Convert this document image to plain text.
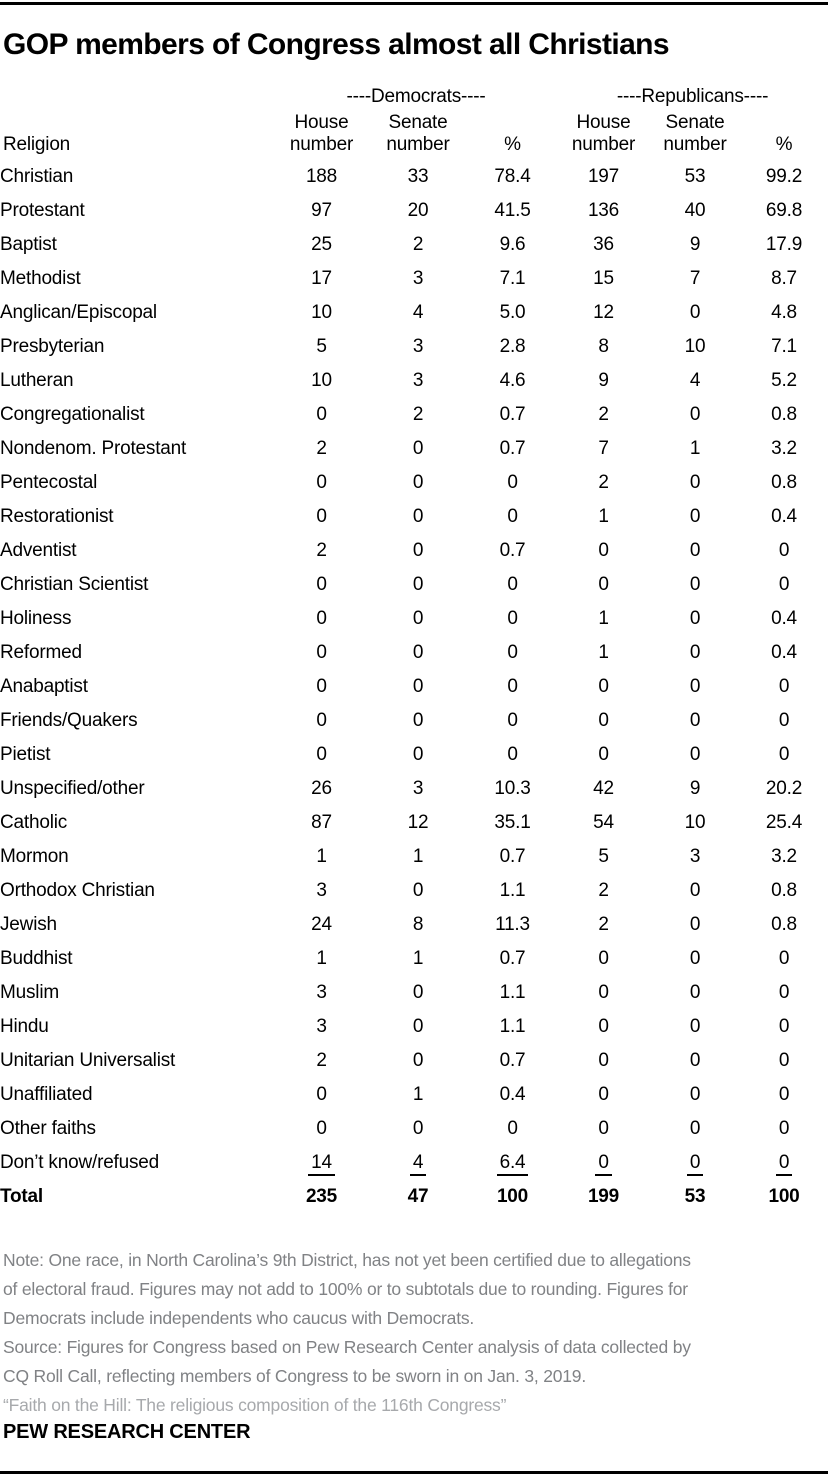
GOP members of Congress almost all Christians
	----Democrats----			----Republicans----		
Religion	House number	Senate number	%	House number	Senate number	%
Christian	188	33	78.4	197	53	99.2
Protestant	97	20	41.5	136	40	69.8
Baptist	25	2	9.6	36	9	17.9
Methodist	17	3	7.1	15	7	8.7
Anglican/Episcopal	10	4	5.0	12	0	4.8
Presbyterian	5	3	2.8	8	10	7.1
Lutheran	10	3	4.6	9	4	5.2
Congregationalist	0	2	0.7	2	0	0.8
Nondenom. Protestant	2	0	0.7	7	1	3.2
Pentecostal	0	0	0	2	0	0.8
Restorationist	0	0	0	1	0	0.4
Adventist	2	0	0.7	0	0	0
Christian Scientist	0	0	0	0	0	0
Holiness	0	0	0	1	0	0.4
Reformed	0	0	0	1	0	0.4
Anabaptist	0	0	0	0	0	0
Friends/Quakers	0	0	0	0	0	0
Pietist	0	0	0	0	0	0
Unspecified/other	26	3	10.3	42	9	20.2
Catholic	87	12	35.1	54	10	25.4
Mormon	1	1	0.7	5	3	3.2
Orthodox Christian	3	0	1.1	2	0	0.8
Jewish	24	8	11.3	2	0	0.8
Buddhist	1	1	0.7	0	0	0
Muslim	3	0	1.1	0	0	0
Hindu	3	0	1.1	0	0	0
Unitarian Universalist	2	0	0.7	0	0	0
Unaffiliated	0	1	0.4	0	0	0
Other faiths	0	0	0	0	0	0
Don’t know/refused	14	4	6.4	0	0	0
Total	235	47	100	199	53	100
Note: One race, in North Carolina’s 9th District, has not yet been certified due to allegations
of electoral fraud. Figures may not add to 100% or to subtotals due to rounding. Figures for
Democrats include independents who caucus with Democrats.
Source: Figures for Congress based on Pew Research Center analysis of data collected by
CQ Roll Call, reflecting members of Congress to be sworn in on Jan. 3, 2019.
“Faith on the Hill: The religious composition of the 116th Congress”
PEW RESEARCH CENTER
